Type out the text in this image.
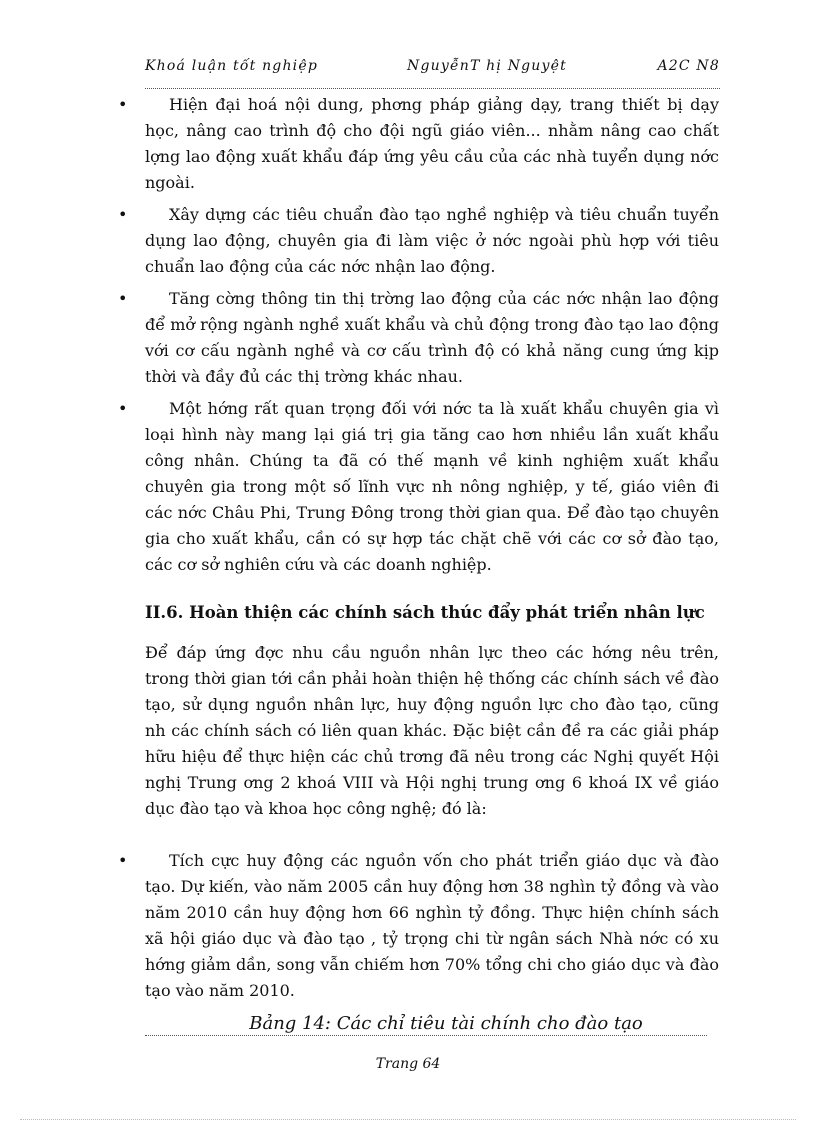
Khoá luận tốt nghiệp	NguyễnT hị Nguyệt	A2C N8

•	Hiện đại hoá nội dung, phơng pháp giảng dạy, trang thiết bị dạy học, nâng cao trình độ cho đội ngũ giáo viên... nhằm nâng cao chất lợng lao động xuất khẩu đáp ứng yêu cầu của các nhà tuyển dụng nớc ngoài.

•	Xây dựng các tiêu chuẩn đào tạo nghề nghiệp và tiêu chuẩn tuyển dụng lao động, chuyên gia đi làm việc ở nớc ngoài phù hợp với tiêu chuẩn lao động của các nớc nhận lao động.

•	Tăng cờng thông tin thị trờng lao động của các nớc nhận lao động để mở rộng ngành nghề xuất khẩu và chủ động trong đào tạo lao động với cơ cấu ngành nghề và cơ cấu trình độ có khả năng cung ứng kịp thời và đầy đủ các thị trờng khác nhau.

•	Một hớng rất quan trọng đối với nớc ta là xuất khẩu chuyên gia vì loại hình này mang lại giá trị gia tăng cao hơn nhiều lần xuất khẩu công nhân. Chúng ta đã có thế mạnh về kinh nghiệm xuất khẩu chuyên gia trong một số lĩnh vực nh nông nghiệp, y tế, giáo viên đi các nớc Châu Phi, Trung Đông trong thời gian qua. Để đào tạo chuyên gia cho xuất khẩu, cần có sự hợp tác chặt chẽ với các cơ sở đào tạo, các cơ sở nghiên cứu và các doanh nghiệp.

II.6. Hoàn thiện các chính sách thúc đẩy phát triển nhân lực

Để đáp ứng đợc nhu cầu nguồn nhân lực theo các hớng nêu trên, trong thời gian tới cần phải hoàn thiện hệ thống các chính sách về đào tạo, sử dụng nguồn nhân lực, huy động nguồn lực cho đào tạo, cũng nh các chính sách có liên quan khác. Đặc biệt cần đề ra các giải pháp hữu hiệu để thực hiện các chủ trơng đã nêu trong các Nghị quyết Hội nghị Trung ơng 2 khoá VIII và Hội nghị trung ơng 6 khoá IX về giáo dục đào tạo và khoa học công nghệ; đó là:

•	Tích cực huy động các nguồn vốn cho phát triển giáo dục và đào tạo. Dự kiến, vào năm 2005 cần huy động hơn 38 nghìn tỷ đồng và vào năm 2010 cần huy động hơn 66 nghìn tỷ đồng. Thực hiện chính sách xã hội giáo dục và đào tạo , tỷ trọng chi từ ngân sách Nhà nớc có xu hớng giảm dần, song vẫn chiếm hơn 70% tổng chi cho giáo dục và đào tạo vào năm 2010.

Bảng 14: Các chỉ tiêu tài chính cho đào tạo

Trang 64
